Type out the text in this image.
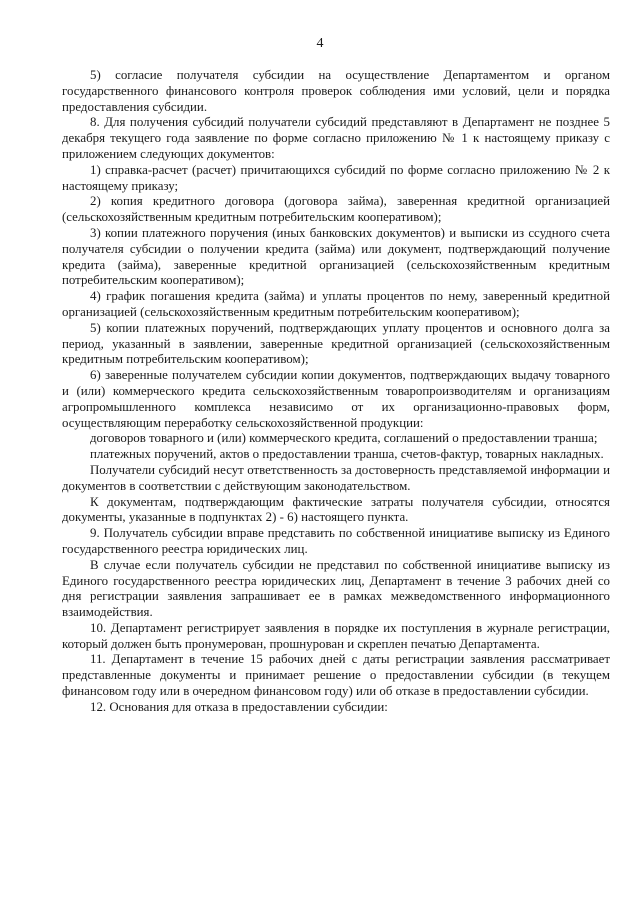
4

5) согласие получателя субсидии на осуществление Департаментом и органом государственного финансового контроля проверок соблюдения ими условий, цели и порядка предоставления субсидии.

8. Для получения субсидий получатели субсидий представляют в Департамент не позднее 5 декабря текущего года заявление по форме согласно приложению № 1 к настоящему приказу с приложением следующих документов:

1) справка-расчет (расчет) причитающихся субсидий по форме согласно приложению № 2 к настоящему приказу;

2) копия кредитного договора (договора займа), заверенная кредитной организацией (сельскохозяйственным кредитным потребительским кооперативом);

3) копии платежного поручения (иных банковских документов) и выписки из ссудного счета получателя субсидии о получении кредита (займа) или документ, подтверждающий получение кредита (займа), заверенные кредитной организацией (сельскохозяйственным кредитным потребительским кооперативом);

4) график погашения кредита (займа) и уплаты процентов по нему, заверенный кредитной организацией (сельскохозяйственным кредитным потребительским кооперативом);

5) копии платежных поручений, подтверждающих уплату процентов и основного долга за период, указанный в заявлении, заверенные кредитной организацией (сельскохозяйственным кредитным потребительским кооперативом);

6) заверенные получателем субсидии копии документов, подтверждающих выдачу товарного и (или) коммерческого кредита сельскохозяйственным товаропроизводителям и организациям агропромышленного комплекса независимо от их организационно-правовых форм, осуществляющим переработку сельскохозяйственной продукции:

договоров товарного и (или) коммерческого кредита, соглашений о предоставлении транша;

платежных поручений, актов о предоставлении транша, счетов-фактур, товарных накладных.

Получатели субсидий несут ответственность за достоверность представляемой информации и документов в соответствии с действующим законодательством.

К документам, подтверждающим фактические затраты получателя субсидии, относятся документы, указанные в подпунктах 2) - 6) настоящего пункта.

9. Получатель субсидии вправе представить по собственной инициативе выписку из Единого государственного реестра юридических лиц.

В случае если получатель субсидии не представил по собственной инициативе выписку из Единого государственного реестра юридических лиц, Департамент в течение 3 рабочих дней со дня регистрации заявления запрашивает ее в рамках межведомственного информационного взаимодействия.

10. Департамент регистрирует заявления в порядке их поступления в журнале регистрации, который должен быть пронумерован, прошнурован и скреплен печатью Департамента.

11. Департамент в течение 15 рабочих дней с даты регистрации заявления рассматривает представленные документы и принимает решение о предоставлении субсидии (в текущем финансовом году или в очередном финансовом году) или об отказе в предоставлении субсидии.

12. Основания для отказа в предоставлении субсидии:
